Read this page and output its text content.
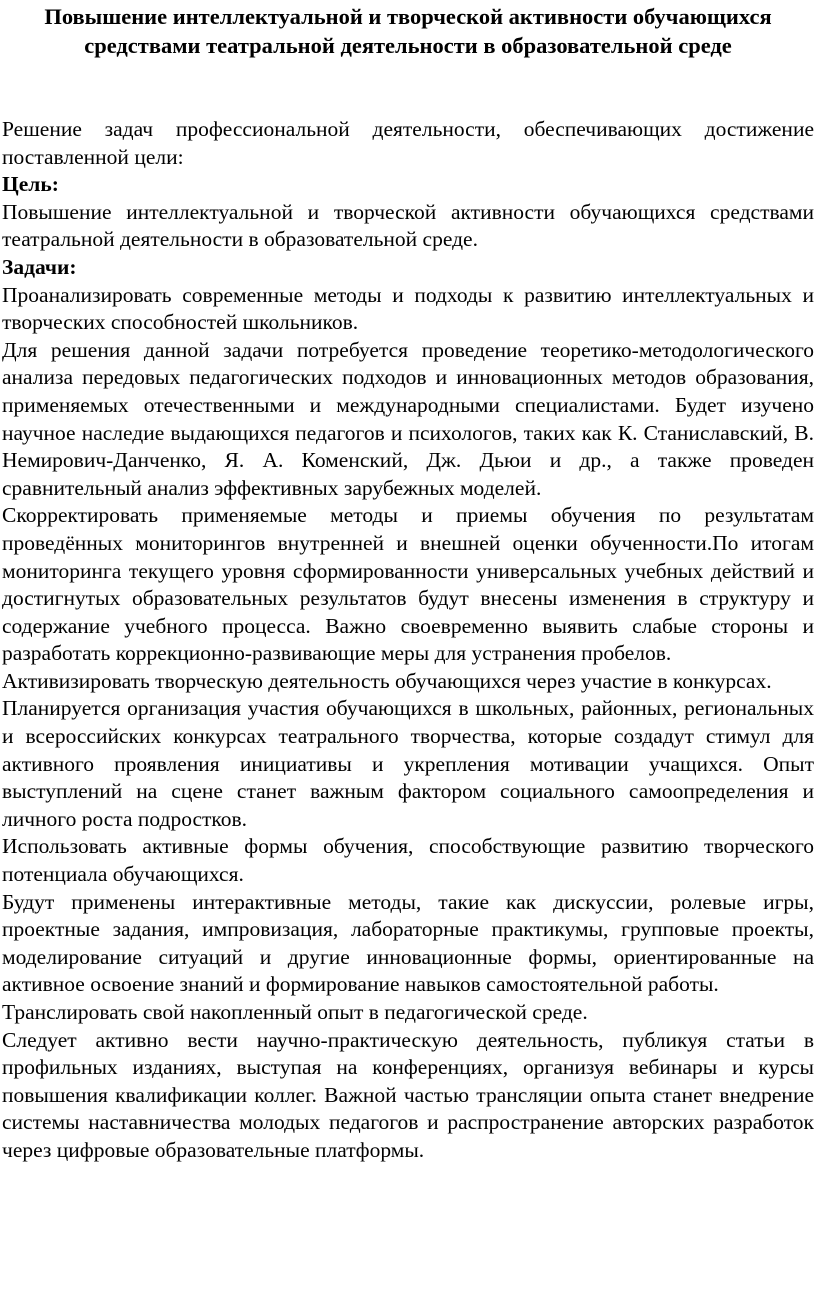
Повышение интеллектуальной и творческой активности обучающихся
средствами театральной деятельности в образовательной среде

Решение задач профессиональной деятельности, обеспечивающих достижение поставленной цели:

Цель:

Повышение интеллектуальной и творческой активности обучающихся средствами театральной деятельности в образовательной среде.

Задачи:

Проанализировать современные методы и подходы к развитию интеллектуальных и творческих способностей школьников.

Для решения данной задачи потребуется проведение теоретико-методологического анализа передовых педагогических подходов и инновационных методов образования, применяемых отечественными и международными специалистами. Будет изучено научное наследие выдающихся педагогов и психологов, таких как К. Станиславский, В. Немирович-Данченко, Я. А. Коменский, Дж. Дьюи и др., а также проведен сравнительный анализ эффективных зарубежных моделей.

Скорректировать применяемые методы и приемы обучения по результатам проведённых мониторингов внутренней и внешней оценки обученности.По итогам мониторинга текущего уровня сформированности универсальных учебных действий и достигнутых образовательных результатов будут внесены изменения в структуру и содержание учебного процесса. Важно своевременно выявить слабые стороны и разработать коррекционно-развивающие меры для устранения пробелов.

Активизировать творческую деятельность обучающихся через участие в конкурсах.

Планируется организация участия обучающихся в школьных, районных, региональных и всероссийских конкурсах театрального творчества, которые создадут стимул для активного проявления инициативы и укрепления мотивации учащихся. Опыт выступлений на сцене станет важным фактором социального самоопределения и личного роста подростков.

Использовать активные формы обучения, способствующие развитию творческого потенциала обучающихся.

Будут применены интерактивные методы, такие как дискуссии, ролевые игры, проектные задания, импровизация, лабораторные практикумы, групповые проекты, моделирование ситуаций и другие инновационные формы, ориентированные на активное освоение знаний и формирование навыков самостоятельной работы.

Транслировать свой накопленный опыт в педагогической среде.

Следует активно вести научно-практическую деятельность, публикуя статьи в профильных изданиях, выступая на конференциях, организуя вебинары и курсы повышения квалификации коллег. Важной частью трансляции опыта станет внедрение системы наставничества молодых педагогов и распространение авторских разработок через цифровые образовательные платформы.
